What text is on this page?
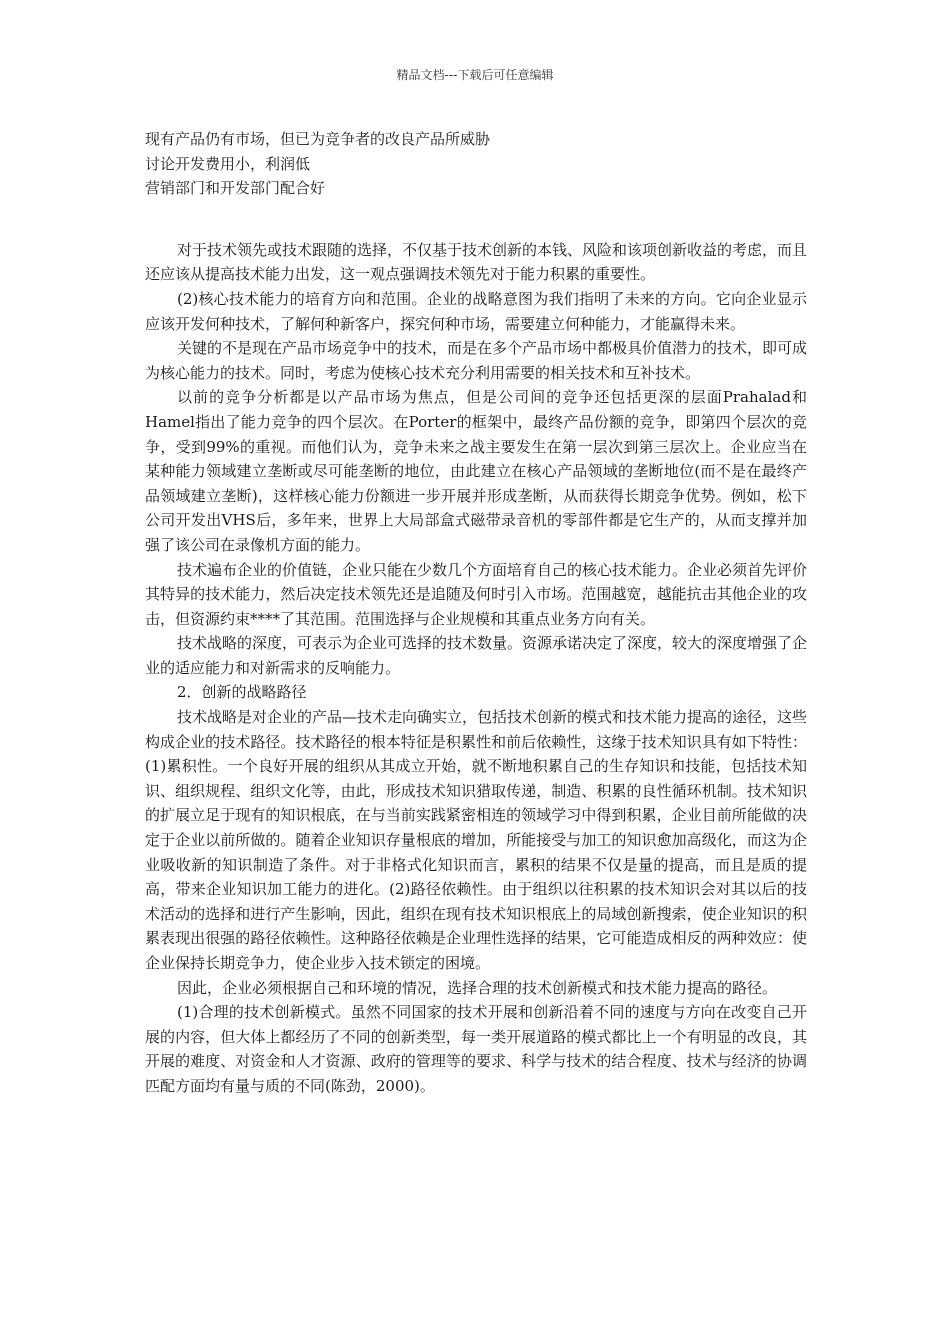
精品文档---下载后可任意编辑

现有产品仍有市场，但已为竞争者的改良产品所威胁

讨论开发费用小，利润低

营销部门和开发部门配合好

对于技术领先或技术跟随的选择，不仅基于技术创新的本钱、风险和该项创新收益的考虑，而且还应该从提高技术能力出发，这一观点强调技术领先对于能力积累的重要性。

(2)核心技术能力的培育方向和范围。企业的战略意图为我们指明了未来的方向。它向企业显示应该开发何种技术，了解何种新客户，探究何种市场，需要建立何种能力，才能赢得未来。

关键的不是现在产品市场竞争中的技术，而是在多个产品市场中都极具价值潜力的技术，即可成为核心能力的技术。同时，考虑为使核心技术充分利用需要的相关技术和互补技术。

以前的竞争分析都是以产品市场为焦点，但是公司间的竞争还包括更深的层面Prahalad和 Hamel指出了能力竞争的四个层次。在Porter的框架中，最终产品份额的竞争，即第四个层次的竞争，受到99%的重视。而他们认为，竞争未来之战主要发生在第一层次到第三层次上。企业应当在某种能力领域建立垄断或尽可能垄断的地位，由此建立在核心产品领域的垄断地位(而不是在最终产品领域建立垄断)，这样核心能力份额进一步开展并形成垄断，从而获得长期竞争优势。例如，松下公司开发出VHS后，多年来，世界上大局部盒式磁带录音机的零部件都是它生产的，从而支撑并加强了该公司在录像机方面的能力。

技术遍布企业的价值链，企业只能在少数几个方面培育自己的核心技术能力。企业必须首先评价其特异的技术能力，然后决定技术领先还是追随及何时引入市场。范围越宽，越能抗击其他企业的攻击，但资源约束****了其范围。范围选择与企业规模和其重点业务方向有关。

技术战略的深度，可表示为企业可选择的技术数量。资源承诺决定了深度，较大的深度增强了企业的适应能力和对新需求的反响能力。

2．创新的战略路径

技术战略是对企业的产品—技术走向确实立，包括技术创新的模式和技术能力提高的途径，这些构成企业的技术路径。技术路径的根本特征是积累性和前后依赖性，这缘于技术知识具有如下特性： (1)累积性。一个良好开展的组织从其成立开始，就不断地积累自己的生存知识和技能，包括技术知识、组织规程、组织文化等，由此，形成技术知识猎取传递，制造、积累的良性循环机制。技术知识的扩展立足于现有的知识根底，在与当前实践紧密相连的领域学习中得到积累，企业目前所能做的决定于企业以前所做的。随着企业知识存量根底的增加，所能接受与加工的知识愈加高级化，而这为企业吸收新的知识制造了条件。对于非格式化知识而言，累积的结果不仅是量的提高，而且是质的提高，带来企业知识加工能力的进化。(2)路径依赖性。由于组织以往积累的技术知识会对其以后的技术活动的选择和进行产生影响，因此，组织在现有技术知识根底上的局域创新搜索，使企业知识的积累表现出很强的路径依赖性。这种路径依赖是企业理性选择的结果，它可能造成相反的两种效应：使企业保持长期竞争力，使企业步入技术锁定的困境。

因此，企业必须根据自己和环境的情况，选择合理的技术创新模式和技术能力提高的路径。

(1)合理的技术创新模式。虽然不同国家的技术开展和创新沿着不同的速度与方向在改变自己开展的内容，但大体上都经历了不同的创新类型，每一类开展道路的模式都比上一个有明显的改良，其开展的难度、对资金和人才资源、政府的管理等的要求、科学与技术的结合程度、技术与经济的协调匹配方面均有量与质的不同(陈劲，2000)。
